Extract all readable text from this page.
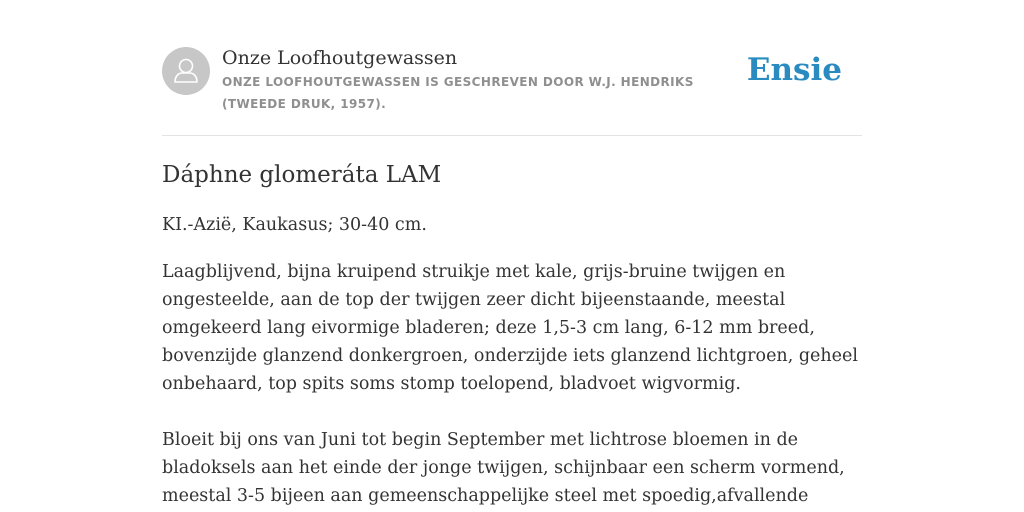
Onze Loofhoutgewassen
ONZE LOOFHOUTGEWASSEN IS GESCHREVEN DOOR W.J. HENDRIKS (TWEEDE DRUK, 1957).
Ensie
Dáphne glomeráta LAM

KI.-Azië, Kaukasus; 30-40 cm.

Laagblijvend, bijna kruipend struikje met kale, grijs-bruine twijgen en ongesteelde, aan de top der twijgen zeer dicht bijeenstaande, meestal omgekeerd lang eivormige bladeren; deze 1,5-3 cm lang, 6-12 mm breed, bovenzijde glanzend donkergroen, onderzijde iets glanzend lichtgroen, geheel onbehaard, top spits soms stomp toelopend, bladvoet wigvormig.

Bloeit bij ons van Juni tot begin September met lichtrose bloemen in de bladoksels aan het einde der jonge twijgen, schijnbaar een scherm vormend, meestal 3-5 bijeen aan gemeenschappelijke steel met spoedig,afvallende
